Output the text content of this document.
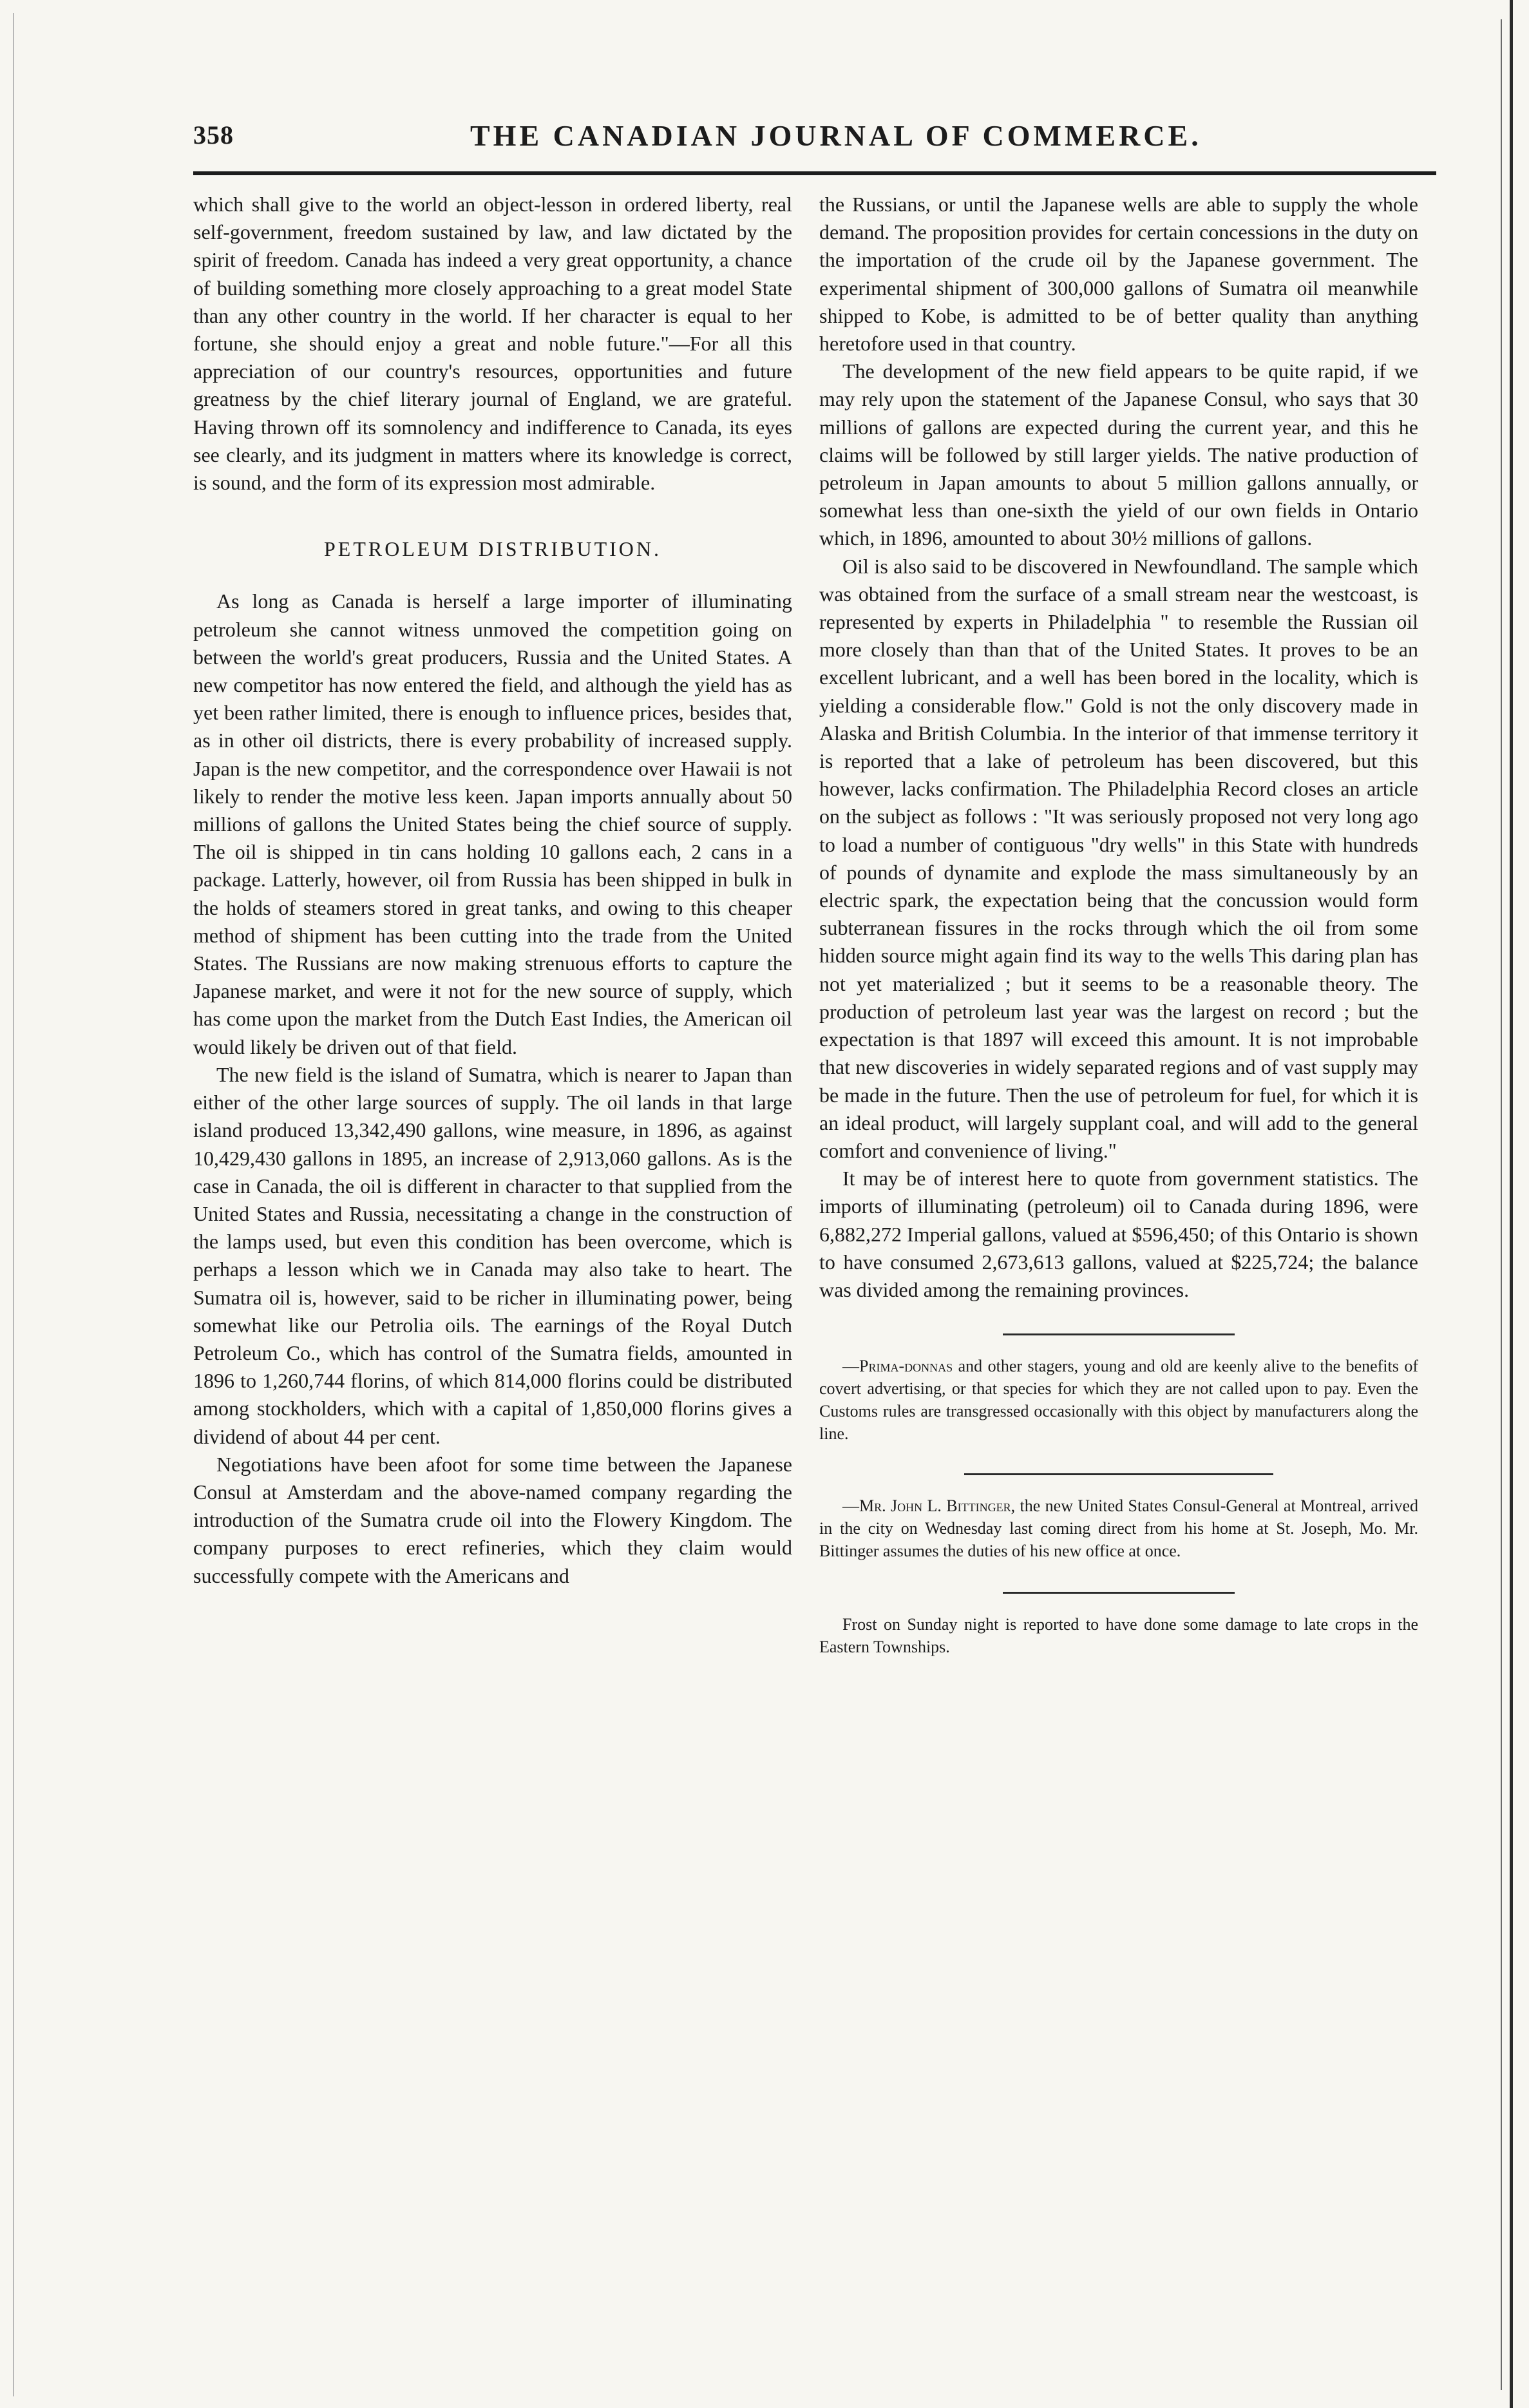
358	THE CANADIAN JOURNAL OF COMMERCE.

which shall give to the world an object-lesson in ordered liberty, real self-government, freedom sustained by law, and law dictated by the spirit of freedom. Canada has indeed a very great opportunity, a chance of building something more closely approaching to a great model State than any other country in the world. If her character is equal to her fortune, she should enjoy a great and noble future."—For all this appreciation of our country's resources, opportunities and future greatness by the chief literary journal of England, we are grateful. Having thrown off its somnolency and indifference to Canada, its eyes see clearly, and its judgment in matters where its knowledge is correct, is sound, and the form of its expression most admirable.

PETROLEUM DISTRIBUTION.

As long as Canada is herself a large importer of illuminating petroleum she cannot witness unmoved the competition going on between the world's great producers, Russia and the United States. A new competitor has now entered the field, and although the yield has as yet been rather limited, there is enough to influence prices, besides that, as in other oil districts, there is every probability of increased supply. Japan is the new competitor, and the correspondence over Hawaii is not likely to render the motive less keen. Japan imports annually about 50 millions of gallons the United States being the chief source of supply. The oil is shipped in tin cans holding 10 gallons each, 2 cans in a package. Latterly, however, oil from Russia has been shipped in bulk in the holds of steamers stored in great tanks, and owing to this cheaper method of shipment has been cutting into the trade from the United States. The Russians are now making strenuous efforts to capture the Japanese market, and were it not for the new source of supply, which has come upon the market from the Dutch East Indies, the American oil would likely be driven out of that field.

The new field is the island of Sumatra, which is nearer to Japan than either of the other large sources of supply. The oil lands in that large island produced 13,342,490 gallons, wine measure, in 1896, as against 10,429,430 gallons in 1895, an increase of 2,913,060 gallons. As is the case in Canada, the oil is different in character to that supplied from the United States and Russia, necessitating a change in the construction of the lamps used, but even this condition has been overcome, which is perhaps a lesson which we in Canada may also take to heart. The Sumatra oil is, however, said to be richer in illuminating power, being somewhat like our Petrolia oils. The earnings of the Royal Dutch Petroleum Co., which has control of the Sumatra fields, amounted in 1896 to 1,260,744 florins, of which 814,000 florins could be distributed among stockholders, which with a capital of 1,850,000 florins gives a dividend of about 44 per cent.

Negotiations have been afoot for some time between the Japanese Consul at Amsterdam and the above-named company regarding the introduction of the Sumatra crude oil into the Flowery Kingdom. The company purposes to erect refineries, which they claim would successfully compete with the Americans and

the Russians, or until the Japanese wells are able to supply the whole demand. The proposition provides for certain concessions in the duty on the importation of the crude oil by the Japanese government. The experimental shipment of 300,000 gallons of Sumatra oil meanwhile shipped to Kobe, is admitted to be of better quality than anything heretofore used in that country.

The development of the new field appears to be quite rapid, if we may rely upon the statement of the Japanese Consul, who says that 30 millions of gallons are expected during the current year, and this he claims will be followed by still larger yields. The native production of petroleum in Japan amounts to about 5 million gallons annually, or somewhat less than one-sixth the yield of our own fields in Ontario which, in 1896, amounted to about 30½ millions of gallons.

Oil is also said to be discovered in Newfoundland. The sample which was obtained from the surface of a small stream near the westcoast, is represented by experts in Philadelphia " to resemble the Russian oil more closely than than that of the United States. It proves to be an excellent lubricant, and a well has been bored in the locality, which is yielding a considerable flow." Gold is not the only discovery made in Alaska and British Columbia. In the interior of that immense territory it is reported that a lake of petroleum has been discovered, but this however, lacks confirmation. The Philadelphia Record closes an article on the subject as follows : "It was seriously proposed not very long ago to load a number of contiguous "dry wells" in this State with hundreds of pounds of dynamite and explode the mass simultaneously by an electric spark, the expectation being that the concussion would form subterranean fissures in the rocks through which the oil from some hidden source might again find its way to the wells This daring plan has not yet materialized ; but it seems to be a reasonable theory. The production of petroleum last year was the largest on record ; but the expectation is that 1897 will exceed this amount. It is not improbable that new discoveries in widely separated regions and of vast supply may be made in the future. Then the use of petroleum for fuel, for which it is an ideal product, will largely supplant coal, and will add to the general comfort and convenience of living."

It may be of interest here to quote from government statistics. The imports of illuminating (petroleum) oil to Canada during 1896, were 6,882,272 Imperial gallons, valued at $596,450; of this Ontario is shown to have consumed 2,673,613 gallons, valued at $225,724; the balance was divided among the remaining provinces.

—Prima-donnas and other stagers, young and old are keenly alive to the benefits of covert advertising, or that species for which they are not called upon to pay. Even the Customs rules are transgressed occasionally with this object by manufacturers along the line.

—Mr. John L. Bittinger, the new United States Consul-General at Montreal, arrived in the city on Wednesday last coming direct from his home at St. Joseph, Mo. Mr. Bittinger assumes the duties of his new office at once.

Frost on Sunday night is reported to have done some damage to late crops in the Eastern Townships.
